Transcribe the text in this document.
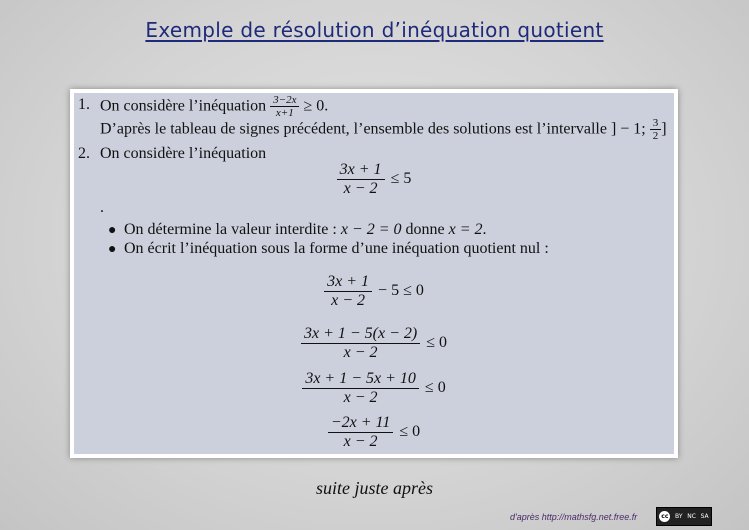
Exemple de résolution d’inéquation quotient
1. On considère l’inéquation $\frac{3-2x}{x+1} \ge 0$.
D’après le tableau de signes précédent, l’ensemble des solutions est l’intervalle ] − 1; $\frac{3}{2}$ ]
2. On considère l’inéquation
$\frac{3x + 1}{x - 2} \le 5$
.
● On détermine la valeur interdite : x − 2 = 0 donne x = 2.
● On écrit l’inéquation sous la forme d’une inéquation quotient nul :
$\frac{3x + 1}{x - 2} - 5 \le 0$
$\frac{3x + 1 - 5(x - 2)}{x - 2} \le 0$
$\frac{3x + 1 - 5x + 10}{x - 2} \le 0$
$\frac{-2x + 11}{x - 2} \le 0$
suite juste après
d'après http://mathsfg.net.free.fr	cc	BY NC SA
